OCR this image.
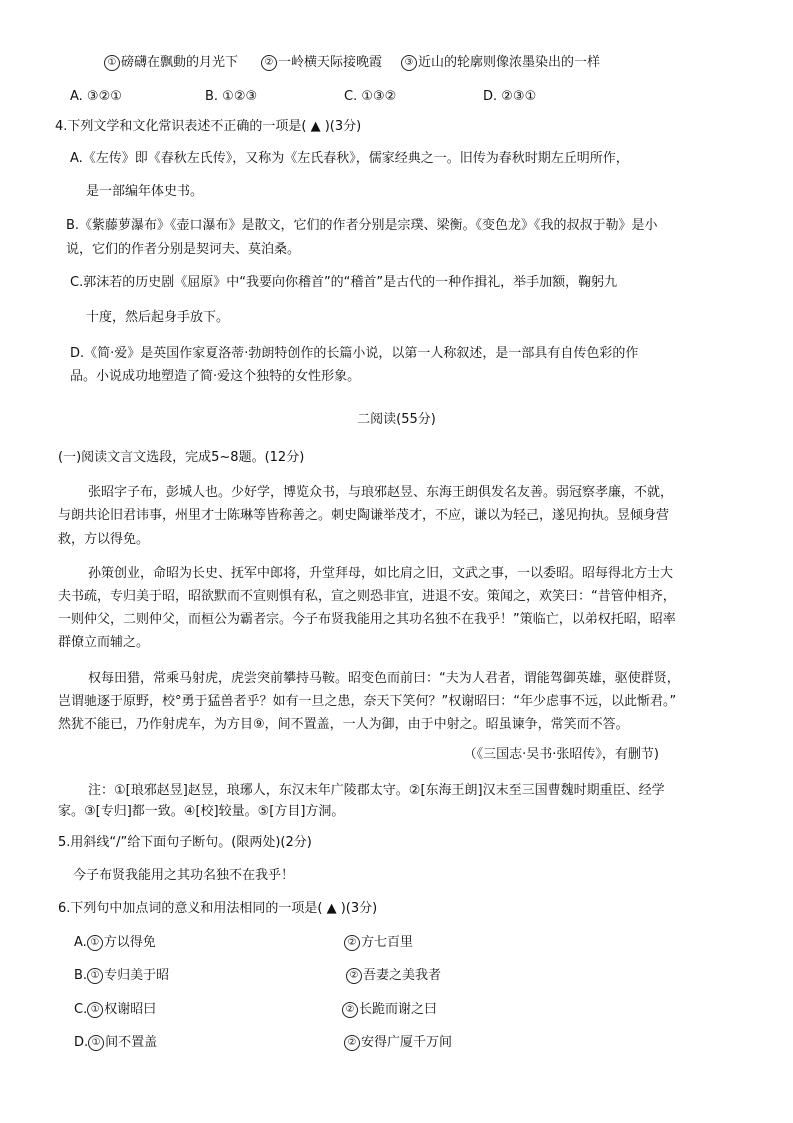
① 磅礴在飘動的月光下	② 一岭横天际接晚霞	③ 近山的轮廓则像浓墨染出的一样
A. ③②①	B. ①②③	C. ①③②	D. ②③①
4.下列文学和文化常识表述不正确的一项是( ▲ )(3分)
A.《左传》即《春秋左氏传》，又称为《左氏春秋》，儒家经典之一。旧传为春秋时期左丘明所作，
是一部编年体史书。
B.《紫藤萝瀑布》《壶口瀑布》是散文，它们的作者分别是宗璞、梁衡。《变色龙》《我的叔叔于勒》是小
说，它们的作者分别是契诃夫、莫泊桑。
C.郭沫若的历史剧《屈原》中“我要向你稽首”的“稽首”是古代的一种作揖礼，举手加额，鞠躬九
十度，然后起身手放下。
D.《简·爱》是英国作家夏洛蒂·勃朗特创作的长篇小说，以第一人称叙述，是一部具有自传色彩的作
品。小说成功地塑造了简·爱这个独特的女性形象。
二阅读(55分)
(一)阅读文言文选段，完成5~8题。(12分)
张昭字子布，彭城人也。少好学，博览众书，与琅邪赵昱、东海王朗俱发名友善。弱冠察孝廉，不就，
与朗共论旧君讳事，州里才士陈琳等皆称善之。刺史陶谦举茂才，不应，谦以为轻己，遂见拘执。昱倾身营
救，方以得免。
孙策创业，命昭为长史、抚军中郎将，升堂拜母，如比肩之旧，文武之事，一以委昭。昭每得北方士大
夫书疏，专归美于昭，昭欲默而不宣则惧有私，宣之则恐非宜，进退不安。策闻之，欢笑曰：“昔管仲相齐，
一则仲父，二则仲父，而桓公为霸者宗。今子布贤我能用之其功名独不在我乎！”策临亡，以弟权托昭，昭率
群僚立而辅之。
权每田猎，常乘马射虎，虎尝突前攀持马鞍。昭变色而前曰：“夫为人君者，谓能驾御英雄，驱使群贤，
岂谓驰逐于原野，校°勇于猛兽者乎？如有一旦之患，奈天下笑何？”权谢昭曰：“年少虑事不远，以此惭君。”
然犹不能已，乃作射虎车，为方目⑨，间不置盖，一人为御，由于中射之。昭虽谏争，常笑而不答。
（《三国志·吴书·张昭传》，有删节)
注：①[琅邪赵昱]赵昱，琅琊人，东汉末年广陵郡太守。②[东海王朗]汉末至三国曹魏时期重臣、经学
家。③[专归]都一致。④[校]较量。⑤[方目]方洞。
5.用斜线“/”给下面句子断句。(限两处)(2分)
今子布贤我能用之其功名独不在我乎！
6.下列句中加点词的意义和用法相同的一项是( ▲ )(3分)
A. ① 方以得免	② 方七百里
B. ① 专归美于昭	② 吾妻之美我者
C. ① 权谢昭曰	② 长跪而谢之曰
D. ① 间不置盖	② 安得广厦千万间
